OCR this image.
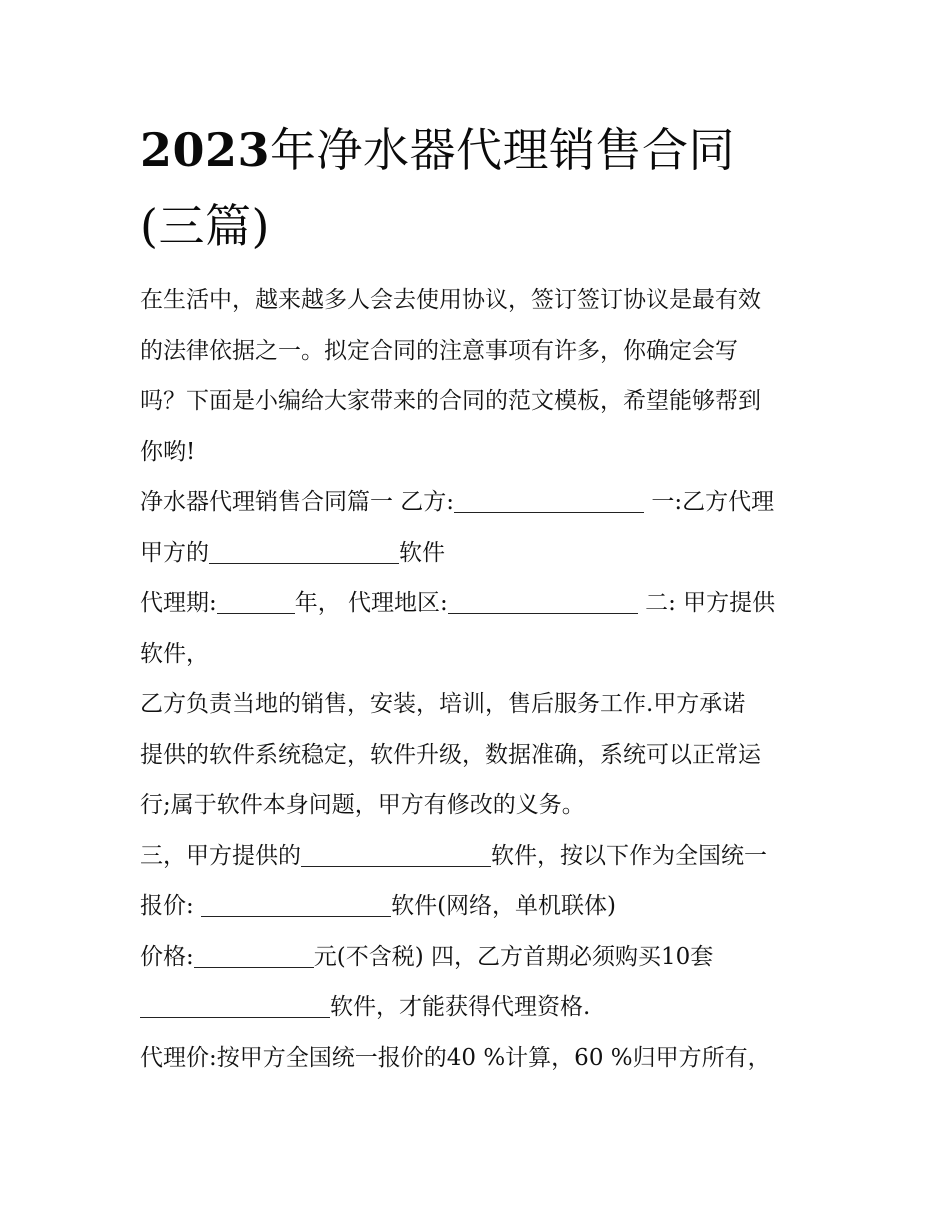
2023年净水器代理销售合同
(三篇)
在生活中，越来越多人会去使用协议，签订签订协议是最有效
的法律依据之一。拟定合同的注意事项有许多，你确定会写
吗？下面是小编给大家带来的合同的范文模板，希望能够帮到
你哟!
净水器代理销售合同篇一 乙方:	一:乙方代理
甲方的	软件
代理期:	年， 代理地区:	二: 甲方提供
软件，
乙方负责当地的销售，安装，培训，售后服务工作.甲方承诺
提供的软件系统稳定，软件升级，数据准确，系统可以正常运
行;属于软件本身问题，甲方有修改的义务。
三，甲方提供的	软件，按以下作为全国统一
报价:	软件(网络，单机联体)
价格:	元(不含税) 四，乙方首期必须购买10套
软件，才能获得代理资格.
代理价:按甲方全国统一报价的40 %计算，60 %归甲方所有，
